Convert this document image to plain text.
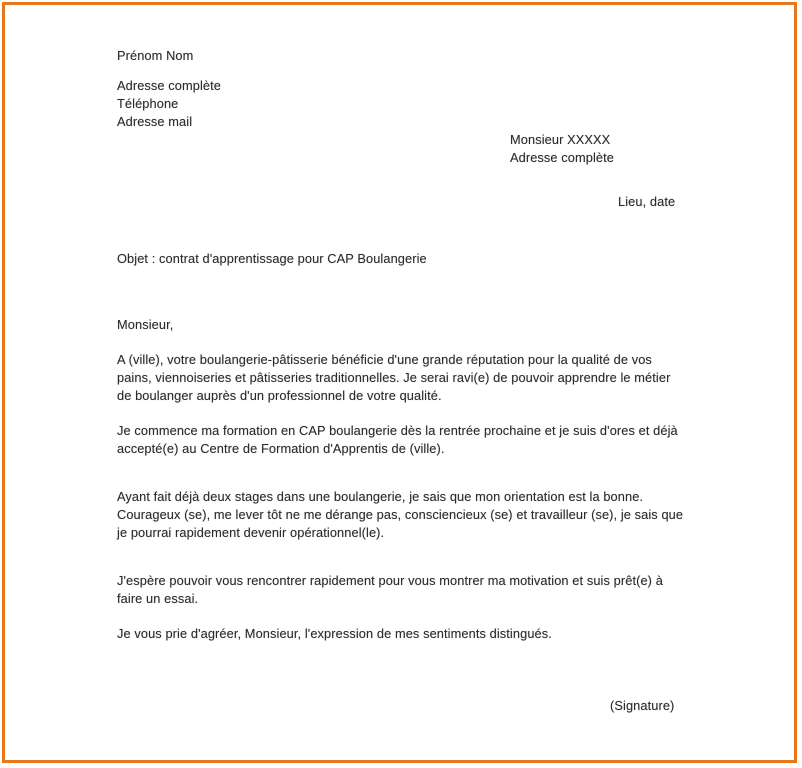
Prénom Nom
Adresse complète
Téléphone
Adresse mail
Monsieur XXXXX
Adresse complète
Lieu, date
Objet : contrat d'apprentissage pour CAP Boulangerie
Monsieur,

A (ville), votre boulangerie-pâtisserie bénéficie d'une grande réputation pour la qualité de vos pains, viennoiseries et pâtisseries traditionnelles. Je serai ravi(e) de pouvoir apprendre le métier de boulanger auprès d'un professionnel de votre qualité.

Je commence ma formation en CAP boulangerie dès la rentrée prochaine et je suis d'ores et déjà accepté(e) au Centre de Formation d'Apprentis de (ville).

Ayant fait déjà deux stages dans une boulangerie, je sais que mon orientation est la bonne. Courageux (se), me lever tôt ne me dérange pas, consciencieux (se) et travailleur (se), je sais que je pourrai rapidement devenir opérationnel(le).

J'espère pouvoir vous rencontrer rapidement pour vous montrer ma motivation et suis prêt(e) à faire un essai.

Je vous prie d'agréer, Monsieur, l'expression de mes sentiments distingués.

(Signature)
